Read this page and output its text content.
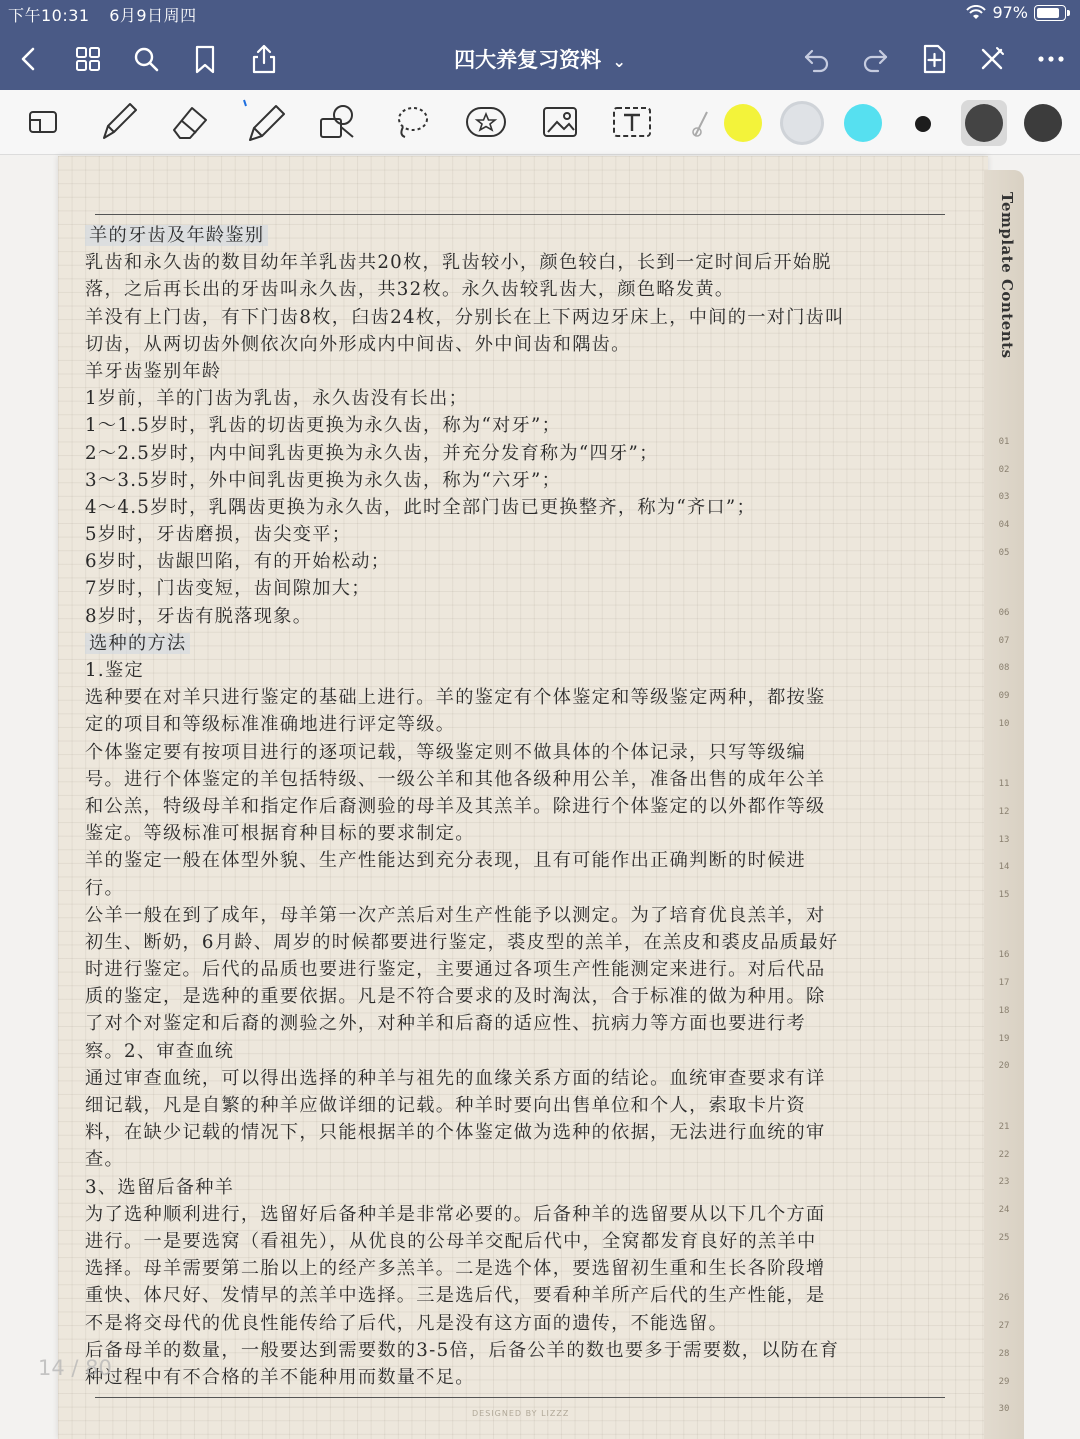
下午10:31 6月9日周四	97%
四大养复习资料 ⌄
Template Contents
01
02
03
04
05
06
07
08
09
10
11
12
13
14
15
16
17
18
19
20
21
22
23
24
25
26
27
28
29
30
羊的牙齿及年龄鉴别
乳齿和永久齿的数目幼年羊乳齿共20枚，乳齿较小，颜色较白，长到一定时间后开始脱
落，之后再长出的牙齿叫永久齿，共32枚。永久齿较乳齿大，颜色略发黄。
羊没有上门齿，有下门齿8枚，臼齿24枚，分别长在上下两边牙床上，中间的一对门齿叫
切齿，从两切齿外侧依次向外形成内中间齿、外中间齿和隅齿。
羊牙齿鉴别年龄
1岁前，羊的门齿为乳齿，永久齿没有长出；
1～1.5岁时，乳齿的切齿更换为永久齿，称为“对牙”；
2～2.5岁时，内中间乳齿更换为永久齿，并充分发育称为“四牙”；
3～3.5岁时，外中间乳齿更换为永久齿，称为“六牙”；
4～4.5岁时，乳隅齿更换为永久齿，此时全部门齿已更换整齐，称为“齐口”；
5岁时，牙齿磨损，齿尖变平；
6岁时，齿龈凹陷，有的开始松动；
7岁时，门齿变短，齿间隙加大；
8岁时，牙齿有脱落现象。
选种的方法
1.鉴定
选种要在对羊只进行鉴定的基础上进行。羊的鉴定有个体鉴定和等级鉴定两种，都按鉴
定的项目和等级标准准确地进行评定等级。
个体鉴定要有按项目进行的逐项记载，等级鉴定则不做具体的个体记录，只写等级编
号。进行个体鉴定的羊包括特级、一级公羊和其他各级种用公羊，准备出售的成年公羊
和公羔，特级母羊和指定作后裔测验的母羊及其羔羊。除进行个体鉴定的以外都作等级
鉴定。等级标准可根据育种目标的要求制定。
羊的鉴定一般在体型外貌、生产性能达到充分表现，且有可能作出正确判断的时候进
行。
公羊一般在到了成年，母羊第一次产羔后对生产性能予以测定。为了培育优良羔羊，对
初生、断奶，6月龄、周岁的时候都要进行鉴定，裘皮型的羔羊，在羔皮和裘皮品质最好
时进行鉴定。后代的品质也要进行鉴定，主要通过各项生产性能测定来进行。对后代品
质的鉴定，是选种的重要依据。凡是不符合要求的及时淘汰，合于标准的做为种用。除
了对个对鉴定和后裔的测验之外，对种羊和后裔的适应性、抗病力等方面也要进行考
察。2、审查血统
通过审查血统，可以得出选择的种羊与祖先的血缘关系方面的结论。血统审查要求有详
细记载，凡是自繁的种羊应做详细的记载。种羊时要向出售单位和个人，索取卡片资
料，在缺少记载的情况下，只能根据羊的个体鉴定做为选种的依据，无法进行血统的审
查。
3、选留后备种羊
为了选种顺利进行，选留好后备种羊是非常必要的。后备种羊的选留要从以下几个方面
进行。一是要选窝（看祖先），从优良的公母羊交配后代中，全窝都发育良好的羔羊中
选择。母羊需要第二胎以上的经产多羔羊。二是选个体，要选留初生重和生长各阶段增
重快、体尺好、发情早的羔羊中选择。三是选后代，要看种羊所产后代的生产性能，是
不是将交母代的优良性能传给了后代，凡是没有这方面的遗传，不能选留。
后备母羊的数量，一般要达到需要数的3-5倍，后备公羊的数也要多于需要数，以防在育
种过程中有不合格的羊不能种用而数量不足。
14 / 80
DESIGNED BY LIZZZ
